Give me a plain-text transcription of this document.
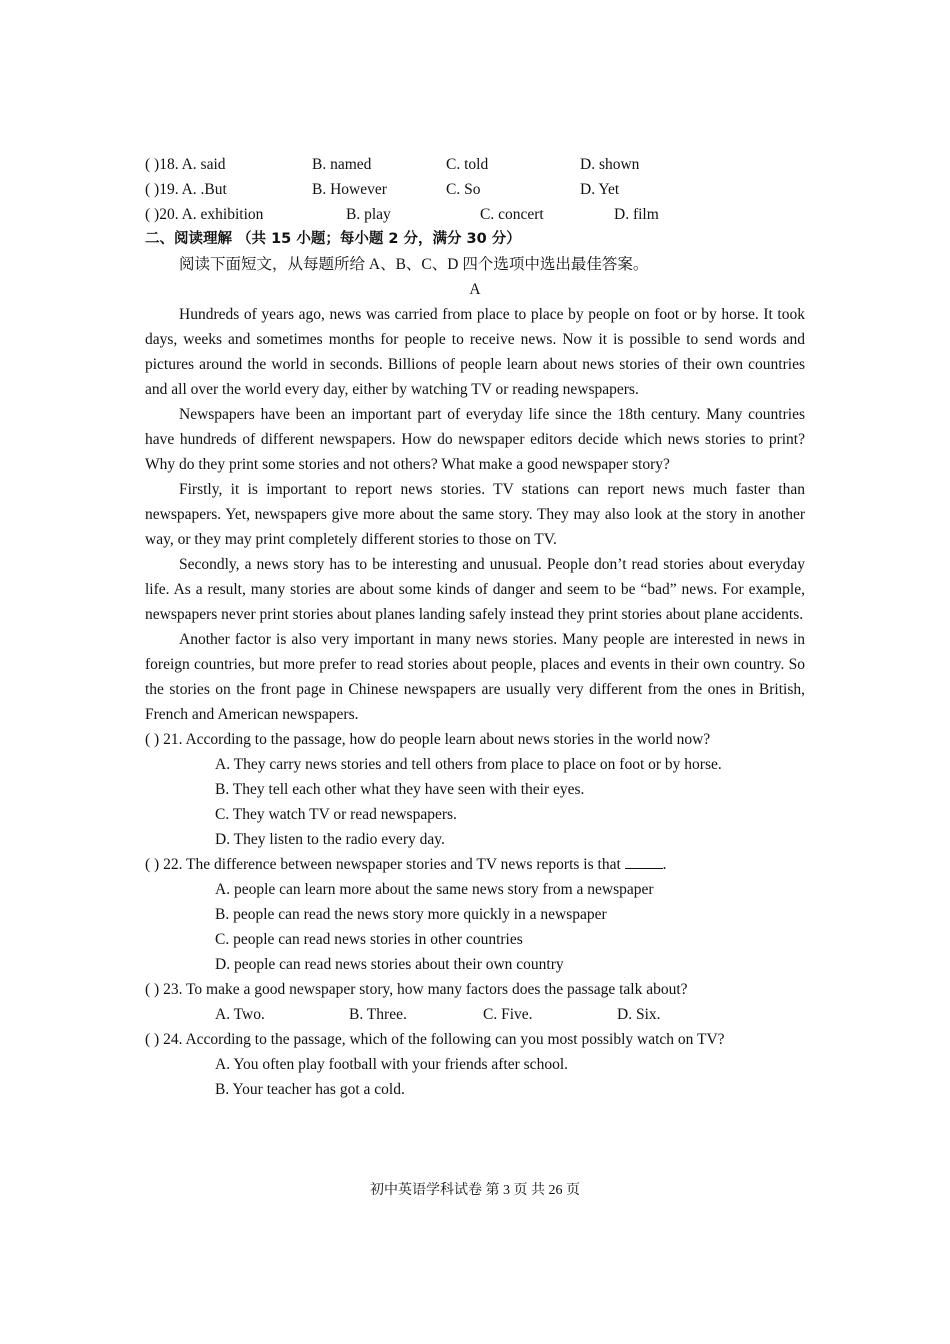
( )18. A. said	B. named	C. told	D. shown
( )19. A. .But	B. However	C. So	D. Yet
( )20. A. exhibition	B. play	C. concert	D. film
二、阅读理解 （共 15 小题；每小题 2 分，满分 30 分）
阅读下面短文，从每题所给 A、B、C、D 四个选项中选出最佳答案。
A

Hundreds of years ago, news was carried from place to place by people on foot or by horse. It took days, weeks and sometimes months for people to receive news. Now it is possible to send words and pictures around the world in seconds. Billions of people learn about news stories of their own countries and all over the world every day, either by watching TV or reading newspapers.

Newspapers have been an important part of everyday life since the 18th century. Many countries have hundreds of different newspapers. How do newspaper editors decide which news stories to print? Why do they print some stories and not others? What make a good newspaper story?

Firstly, it is important to report news stories. TV stations can report news much faster than newspapers. Yet, newspapers give more about the same story. They may also look at the story in another way, or they may print completely different stories to those on TV.

Secondly, a news story has to be interesting and unusual. People don’t read stories about everyday life. As a result, many stories are about some kinds of danger and seem to be “bad” news. For example, newspapers never print stories about planes landing safely instead they print stories about plane accidents.

Another factor is also very important in many news stories. Many people are interested in news in foreign countries, but more prefer to read stories about people, places and events in their own country. So the stories on the front page in Chinese newspapers are usually very different from the ones in British, French and American newspapers.

( ) 21. According to the passage, how do people learn about news stories in the world now?
A. They carry news stories and tell others from place to place on foot or by horse.
B. They tell each other what they have seen with their eyes.
C. They watch TV or read newspapers.
D. They listen to the radio every day.
( ) 22. The difference between newspaper stories and TV news reports is that	.
A. people can learn more about the same news story from a newspaper
B. people can read the news story more quickly in a newspaper
C. people can read news stories in other countries
D. people can read news stories about their own country
( ) 23. To make a good newspaper story, how many factors does the passage talk about?
A. Two.	B. Three.	C. Five.	D. Six.
( ) 24. According to the passage, which of the following can you most possibly watch on TV?
A. You often play football with your friends after school.
B. Your teacher has got a cold.
初中英语学科试卷 第 3 页 共 26 页
